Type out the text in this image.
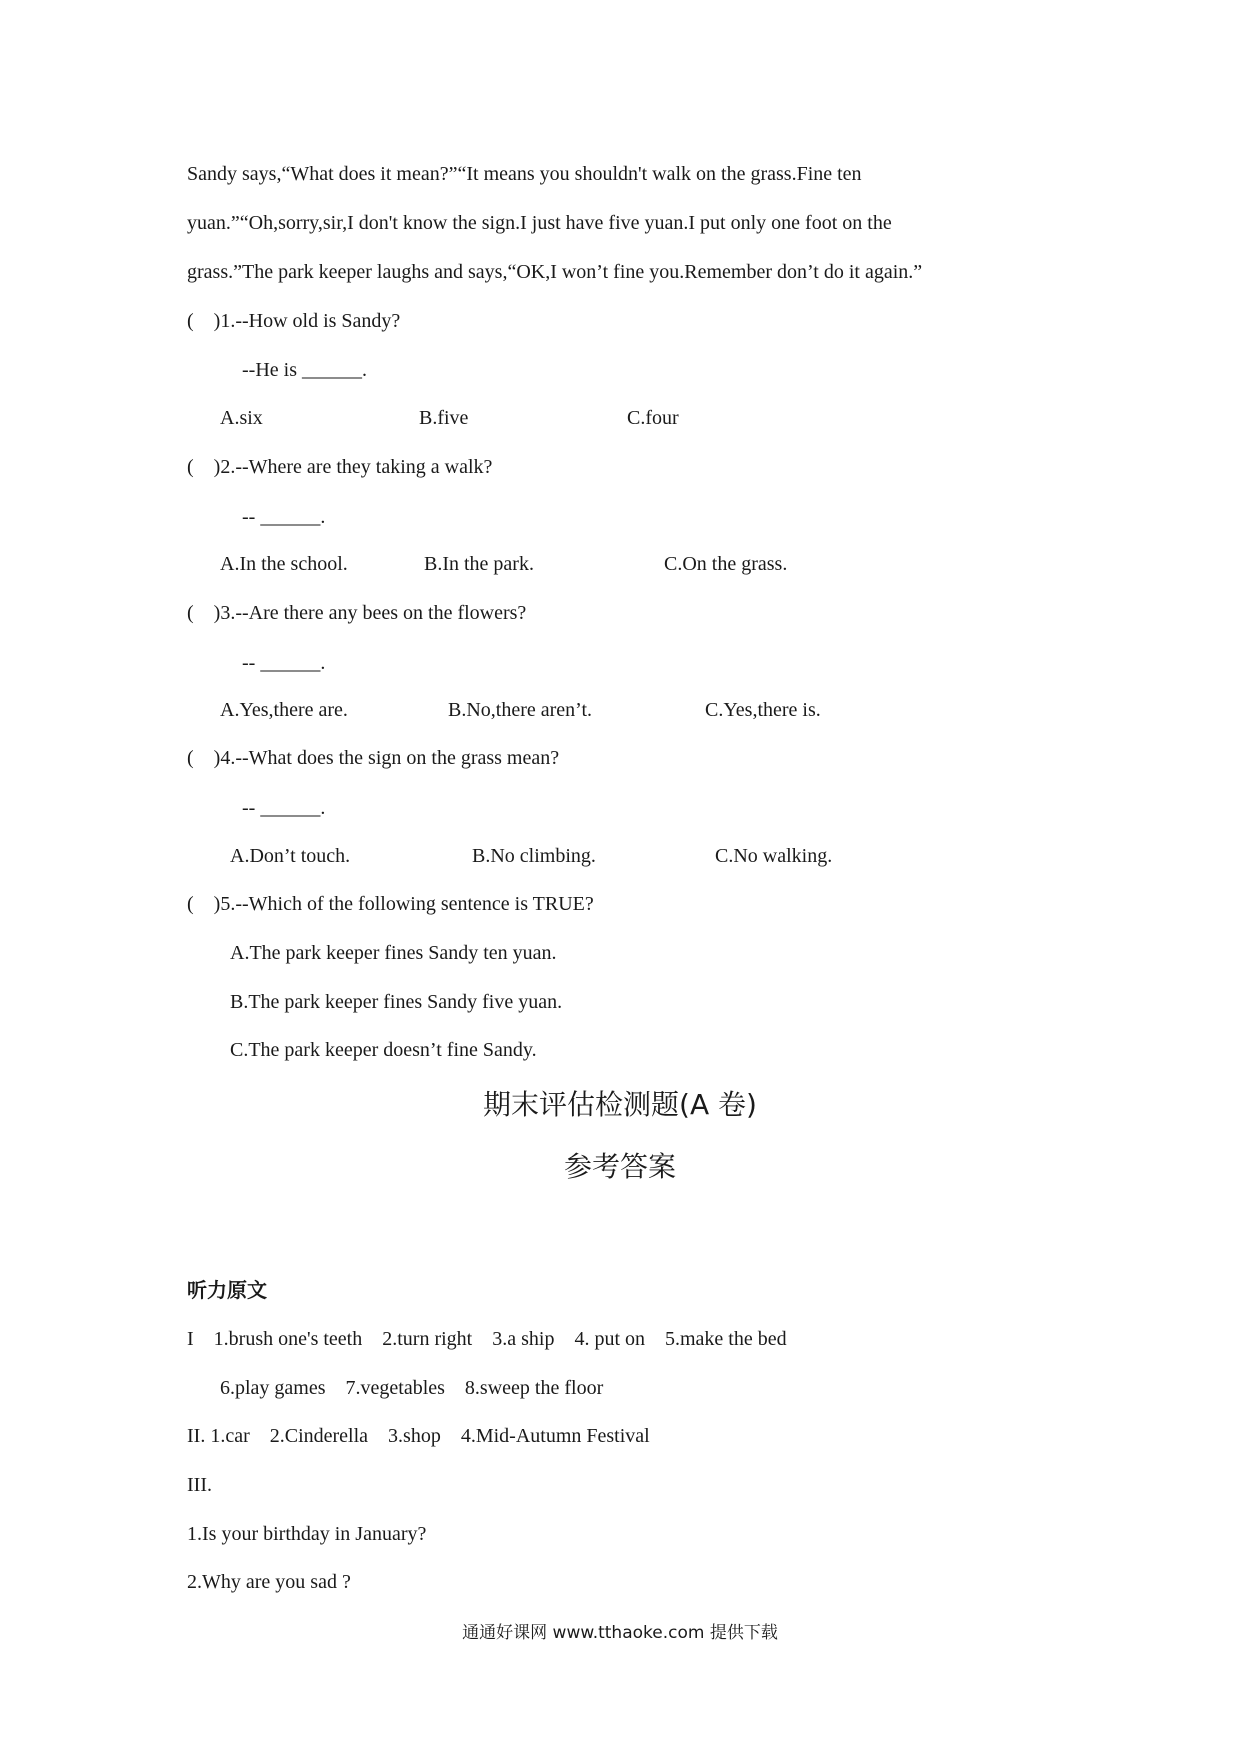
Sandy says,“What does it mean?”“It means you shouldn't walk on the grass.Fine ten
yuan.”“Oh,sorry,sir,I don't know the sign.I just have five yuan.I put only one foot on the
grass.”The park keeper laughs and says,“OK,I won’t fine you.Remember don’t do it again.”
(    )1.--How old is Sandy?
--He is ______.
A.six	B.five	C.four
(    )2.--Where are they taking a walk?
-- ______.
A.In the school.	B.In the park.	C.On the grass.
(    )3.--Are there any bees on the flowers?
-- ______.
A.Yes,there are.	B.No,there aren’t.	C.Yes,there is.
(    )4.--What does the sign on the grass mean?
-- ______.
A.Don’t touch.	B.No climbing.	C.No walking.
(    )5.--Which of the following sentence is TRUE?
A.The park keeper fines Sandy ten yuan.
B.The park keeper fines Sandy five yuan.
C.The park keeper doesn’t fine Sandy.
期末评估检测题(A 卷)
参考答案
听力原文
I    1.brush one's teeth    2.turn right    3.a ship    4. put on    5.make the bed
6.play games    7.vegetables    8.sweep the floor
II. 1.car    2.Cinderella    3.shop    4.Mid-Autumn Festival
III.
1.Is your birthday in January?
2.Why are you sad ?
通通好课网 www.tthaoke.com 提供下载
